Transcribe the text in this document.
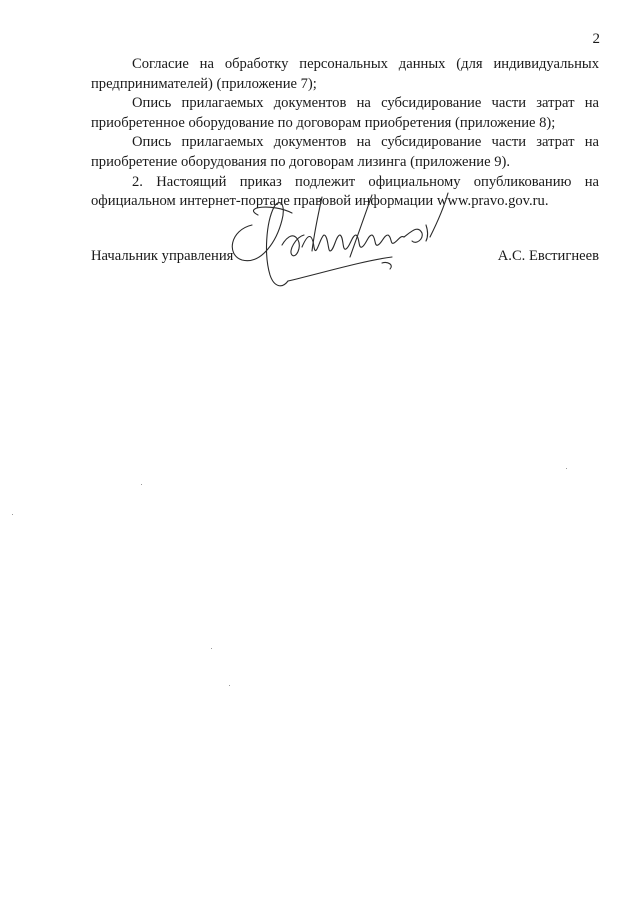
2

Согласие на обработку персональных данных (для индивидуальных предпринимателей) (приложение 7);

Опись прилагаемых документов на субсидирование части затрат на приобретенное оборудование по договорам приобретения (приложение 8);

Опись прилагаемых документов на субсидирование части затрат на приобретение оборудования по договорам лизинга (приложение 9).

2. Настоящий приказ подлежит официальному опубликованию на официальном интернет-портале правовой информации www.pravo.gov.ru.

Начальник управления	А.С. Евстигнеев
